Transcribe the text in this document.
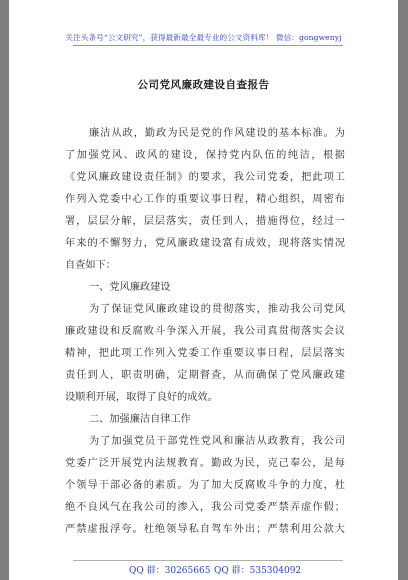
关注头条号“公文研究”，获得最新最全最专业的公文资料库！ 微信：gongwenyj
公司党风廉政建设自查报告
廉洁从政，勤政为民是党的作风建设的基本标准。为
了加强党风、政风的建设，保持党内队伍的纯洁，根据
《党风廉政建设责任制》的要求，我公司党委，把此项工
作列入党委中心工作的重要议事日程，精心组织，周密布
署，层层分解，层层落实，责任到人，措施得位，经过一
年来的不懈努力，党风廉政建设富有成效，现将落实情况
自查如下：
一、党风廉政建设
为了保证党风廉政建设的贯彻落实，推动我公司党风
廉政建设和反腐败斗争深入开展，我公司真贯彻落实会议
精神，把此项工作列入党委工作重要议事日程，层层落实
责任到人，职责明确，定期督查，从而确保了党风廉政建
设顺利开展，取得了良好的成效。
二、加强廉洁自律工作
为了加强党员干部党性党风和廉洁从政教育，我公司
党委广泛开展党内法规教育。勤政为民，克己奉公，是每
个领导干部必备的素质。为了加大反腐败斗争的力度，杜
绝不良风气在我公司的渗入，我公司党委严禁弄虚作假；
严禁虚报浮夸。杜绝领导私自驾车外出；严禁利用公款大
QQ 群：30265665 QQ 群：535304092
